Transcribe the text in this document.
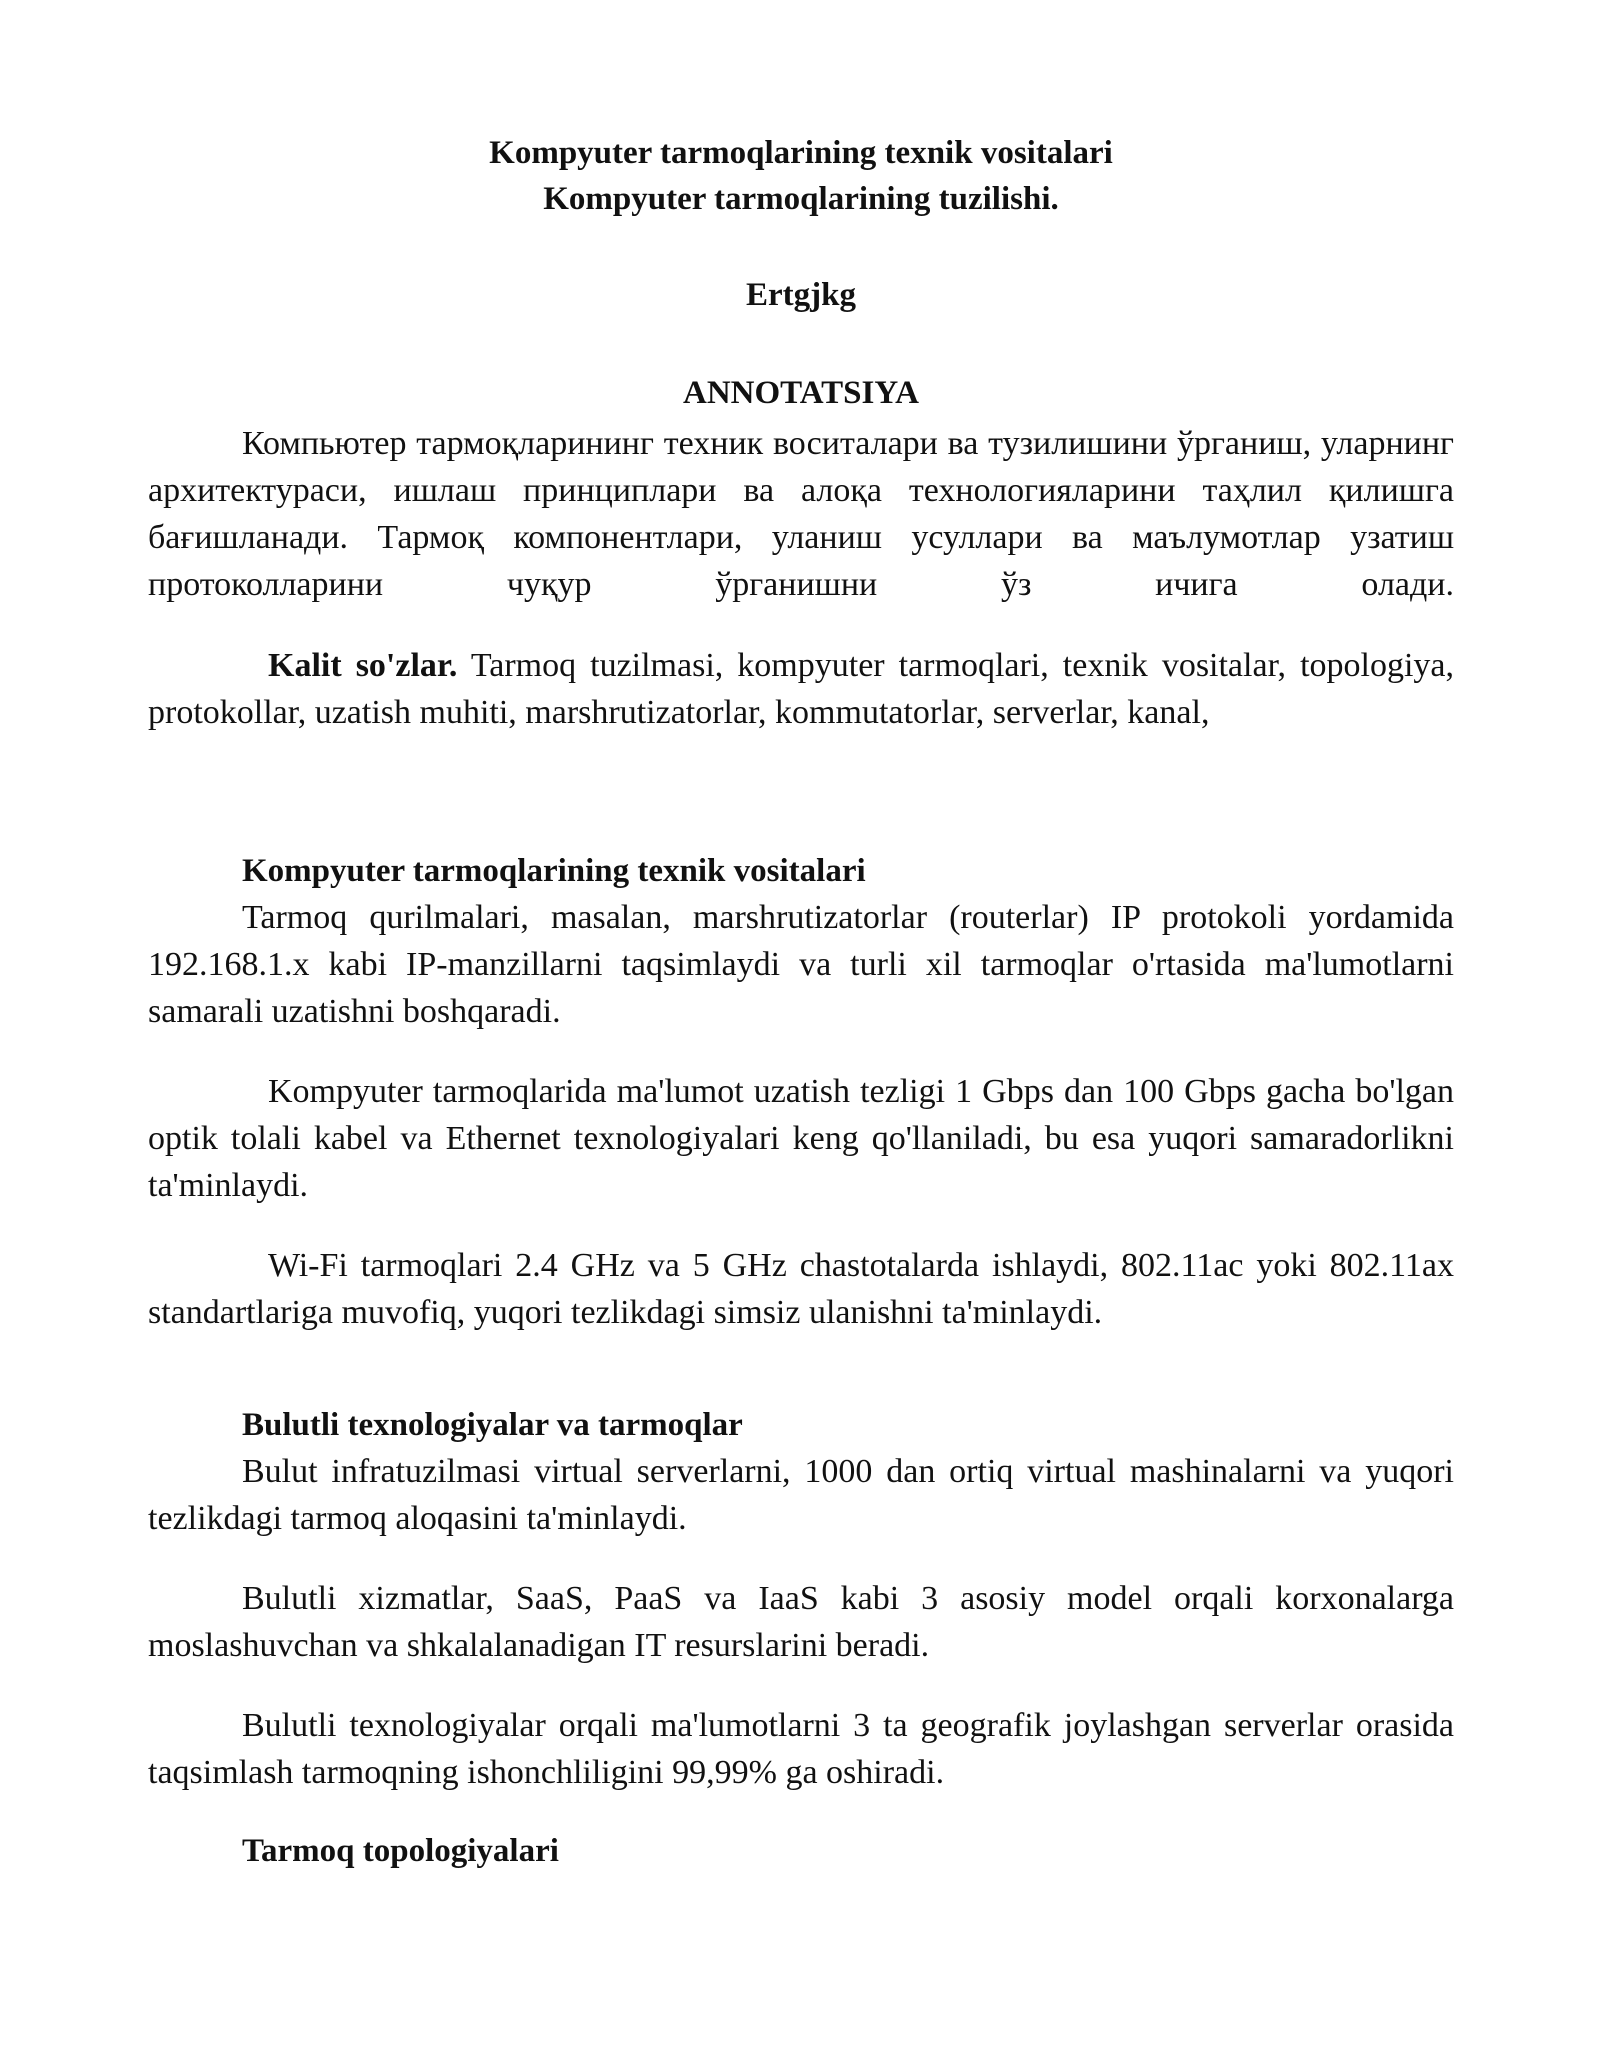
Kompyuter tarmoqlarining texnik vositalari

Kompyuter tarmoqlarining tuzilishi.

Ertgjkg

ANNOTATSIYA

Компьютер тармоқларининг техник воситалари ва тузилишини ўрганиш, уларнинг архитектураси, ишлаш принциплари ва алоқа технологияларини таҳлил қилишга бағишланади. Тармоқ компонентлари, уланиш усуллари ва маълумотлар узатиш протоколларини чуқур ўрганишни ўз ичига олади.

Kalit so'zlar. Tarmoq tuzilmasi, kompyuter tarmoqlari, texnik vositalar, topologiya, protokollar, uzatish muhiti, marshrutizatorlar, kommutatorlar, serverlar, kanal,

Kompyuter tarmoqlarining texnik vositalari

Tarmoq qurilmalari, masalan, marshrutizatorlar (routerlar) IP protokoli yordamida 192.168.1.x kabi IP-manzillarni taqsimlaydi va turli xil tarmoqlar o'rtasida ma'lumotlarni samarali uzatishni boshqaradi.

Kompyuter tarmoqlarida ma'lumot uzatish tezligi 1 Gbps dan 100 Gbps gacha bo'lgan optik tolali kabel va Ethernet texnologiyalari keng qo'llaniladi, bu esa yuqori samaradorlikni ta'minlaydi.

Wi-Fi tarmoqlari 2.4 GHz va 5 GHz chastotalarda ishlaydi, 802.11ac yoki 802.11ax standartlariga muvofiq, yuqori tezlikdagi simsiz ulanishni ta'minlaydi.

Bulutli texnologiyalar va tarmoqlar

Bulut infratuzilmasi virtual serverlarni, 1000 dan ortiq virtual mashinalarni va yuqori tezlikdagi tarmoq aloqasini ta'minlaydi.

Bulutli xizmatlar, SaaS, PaaS va IaaS kabi 3 asosiy model orqali korxonalarga moslashuvchan va shkalalanadigan IT resurslarini beradi.

Bulutli texnologiyalar orqali ma'lumotlarni 3 ta geografik joylashgan serverlar orasida taqsimlash tarmoqning ishonchliligini 99,99% ga oshiradi.

Tarmoq topologiyalari
